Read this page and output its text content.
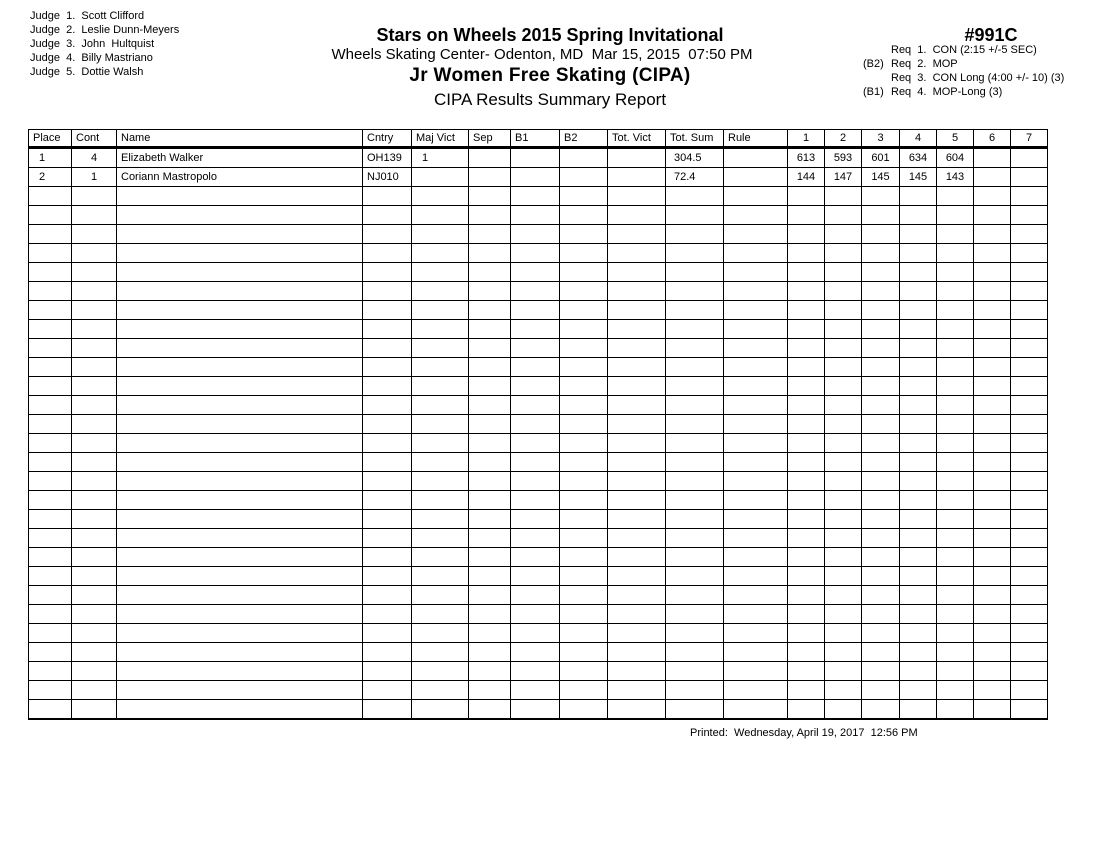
Judge  1.  Scott Clifford
Judge  2.  Leslie Dunn-Meyers
Judge  3.  John  Hultquist
Judge  4.  Billy Mastriano
Judge  5.  Dottie Walsh
Stars on Wheels 2015 Spring Invitational
Wheels Skating Center- Odenton, MD  Mar 15, 2015  07:50 PM
Jr Women Free Skating (CIPA)
CIPA Results Summary Report
#991C
Req  1.  CON (2:15 +/-5 SEC)
(B2) Req  2.  MOP
Req  3.  CON Long (4:00 +/- 10) (3)
(B1) Req  4.  MOP-Long (3)
Place	Cont	Name	Cntry	Maj Vict	Sep	B1	B2	Tot. Vict	Tot. Sum	Rule	1	2	3	4	5	6	7
1	4	Elizabeth Walker	OH139	1					304.5		613	593	601	634	604		
2	1	Coriann Mastropolo	NJ010						72.4		144	147	145	145	143		

Printed:  Wednesday, April 19, 2017  12:56 PM
